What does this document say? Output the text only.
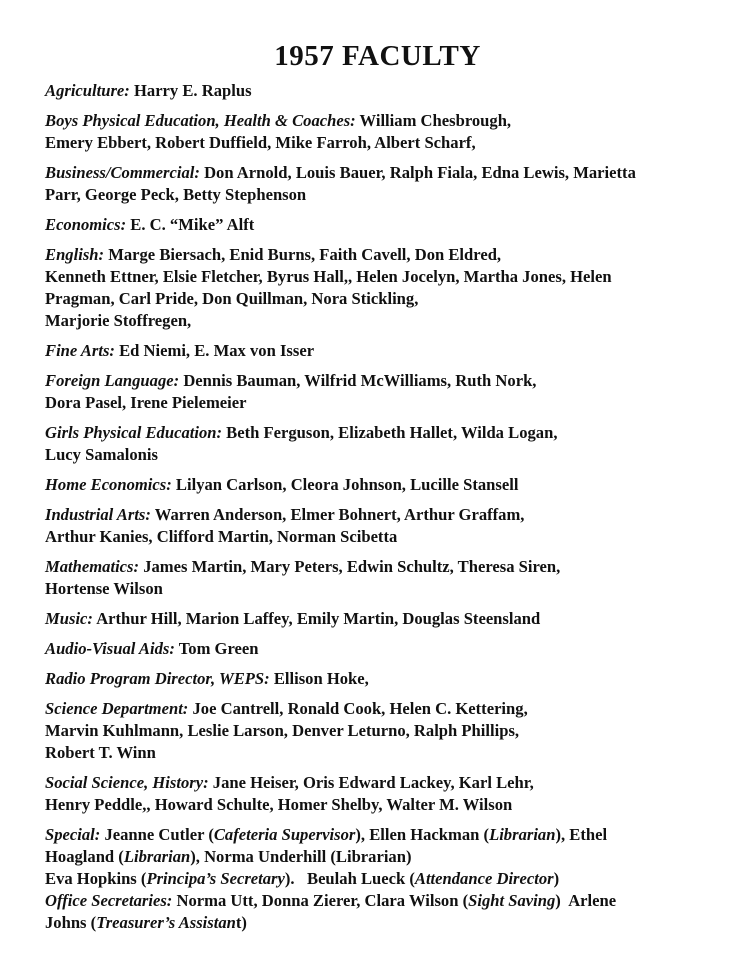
1957 FACULTY

Agriculture: Harry E. Raplus

Boys Physical Education, Health & Coaches: William Chesbrough,
Emery Ebbert, Robert Duffield, Mike Farroh, Albert Scharf,

Business/Commercial: Don Arnold, Louis Bauer, Ralph Fiala, Edna Lewis, Marietta
Parr, George Peck, Betty Stephenson

Economics: E. C. “Mike” Alft

English: Marge Biersach, Enid Burns, Faith Cavell, Don Eldred,
Kenneth Ettner, Elsie Fletcher, Byrus Hall,, Helen Jocelyn, Martha Jones, Helen
Pragman, Carl Pride, Don Quillman, Nora Stickling,
Marjorie Stoffregen,

Fine Arts: Ed Niemi, E. Max von Isser

Foreign Language: Dennis Bauman, Wilfrid McWilliams, Ruth Nork,
Dora Pasel, Irene Pielemeier

Girls Physical Education: Beth Ferguson, Elizabeth Hallet, Wilda Logan,
Lucy Samalonis

Home Economics: Lilyan Carlson, Cleora Johnson, Lucille Stansell

Industrial Arts: Warren Anderson, Elmer Bohnert, Arthur Graffam,
Arthur Kanies, Clifford Martin, Norman Scibetta

Mathematics: James Martin, Mary Peters, Edwin Schultz, Theresa Siren,
Hortense Wilson

Music: Arthur Hill, Marion Laffey, Emily Martin, Douglas Steensland

Audio-Visual Aids: Tom Green

Radio Program Director, WEPS: Ellison Hoke,

Science Department: Joe Cantrell, Ronald Cook, Helen C. Kettering,
Marvin Kuhlmann, Leslie Larson, Denver Leturno, Ralph Phillips,
Robert T. Winn

Social Science, History: Jane Heiser, Oris Edward Lackey, Karl Lehr,
Henry Peddle,, Howard Schulte, Homer Shelby, Walter M. Wilson

Special: Jeanne Cutler (Cafeteria Supervisor), Ellen Hackman (Librarian), Ethel
Hoagland (Librarian), Norma Underhill (Librarian)
Eva Hopkins (Principa’s Secretary).   Beulah Lueck (Attendance Director)

Office Secretaries: Norma Utt, Donna Zierer, Clara Wilson (Sight Saving)  Arlene
Johns (Treasurer’s Assistant)
